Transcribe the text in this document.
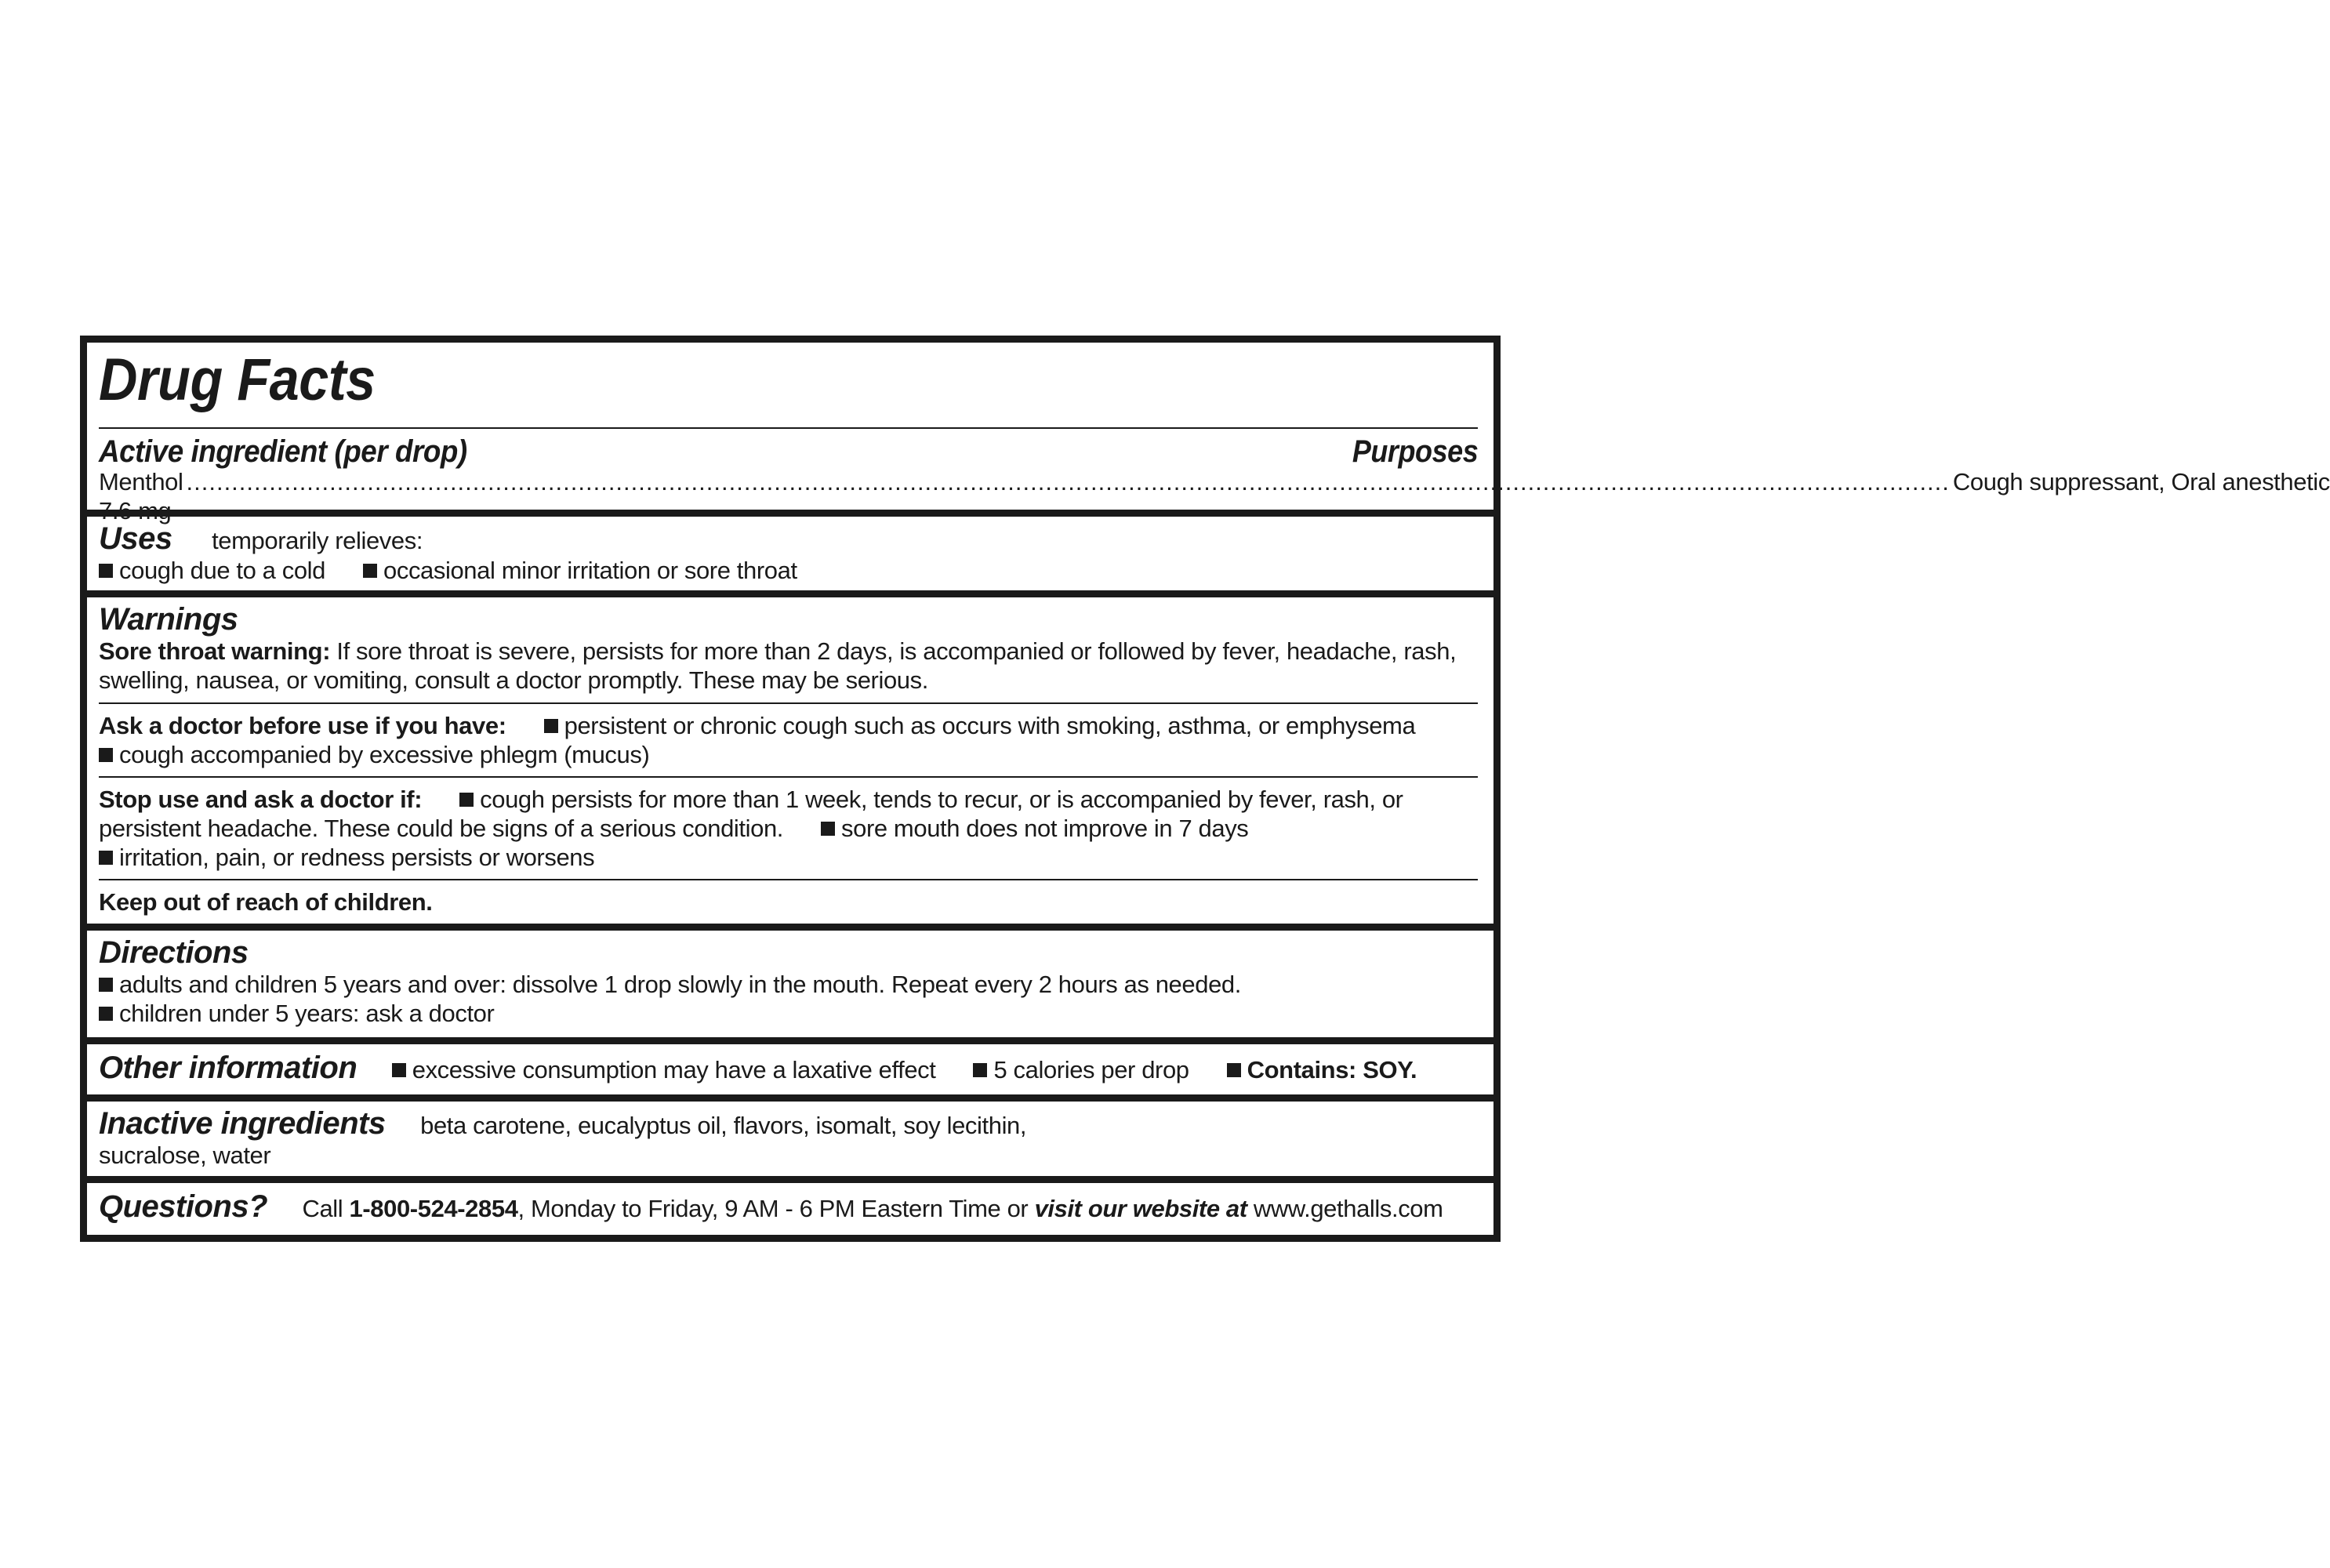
Drug Facts
Active ingredient (per drop)	Purposes
Menthol .......................................................................................................................................................................................................................................... Cough suppressant, Oral anesthetic
Uses temporarily relieves:
cough due to a cold occasional minor irritation or sore throat
Warnings
Sore throat warning: If sore throat is severe, persists for more than 2 days, is accompanied or followed by fever, headache, rash,
swelling, nausea, or vomiting, consult a doctor promptly. These may be serious.
Ask a doctor before use if you have: persistent or chronic cough such as occurs with smoking, asthma, or emphysema
cough accompanied by excessive phlegm (mucus)
Stop use and ask a doctor if: cough persists for more than 1 week, tends to recur, or is accompanied by fever, rash, or
persistent headache. These could be signs of a serious condition. sore mouth does not improve in 7 days
irritation, pain, or redness persists or worsens
Keep out of reach of children.
Directions
adults and children 5 years and over: dissolve 1 drop slowly in the mouth. Repeat every 2 hours as needed.
children under 5 years: ask a doctor
Other information excessive consumption may have a laxative effect 5 calories per drop Contains: SOY.
Inactive ingredients beta carotene, eucalyptus oil, flavors, isomalt, soy lecithin,
sucralose, water
Questions? Call 1-800-524-2854, Monday to Friday, 9 AM - 6 PM Eastern Time or visit our website at www.gethalls.com
